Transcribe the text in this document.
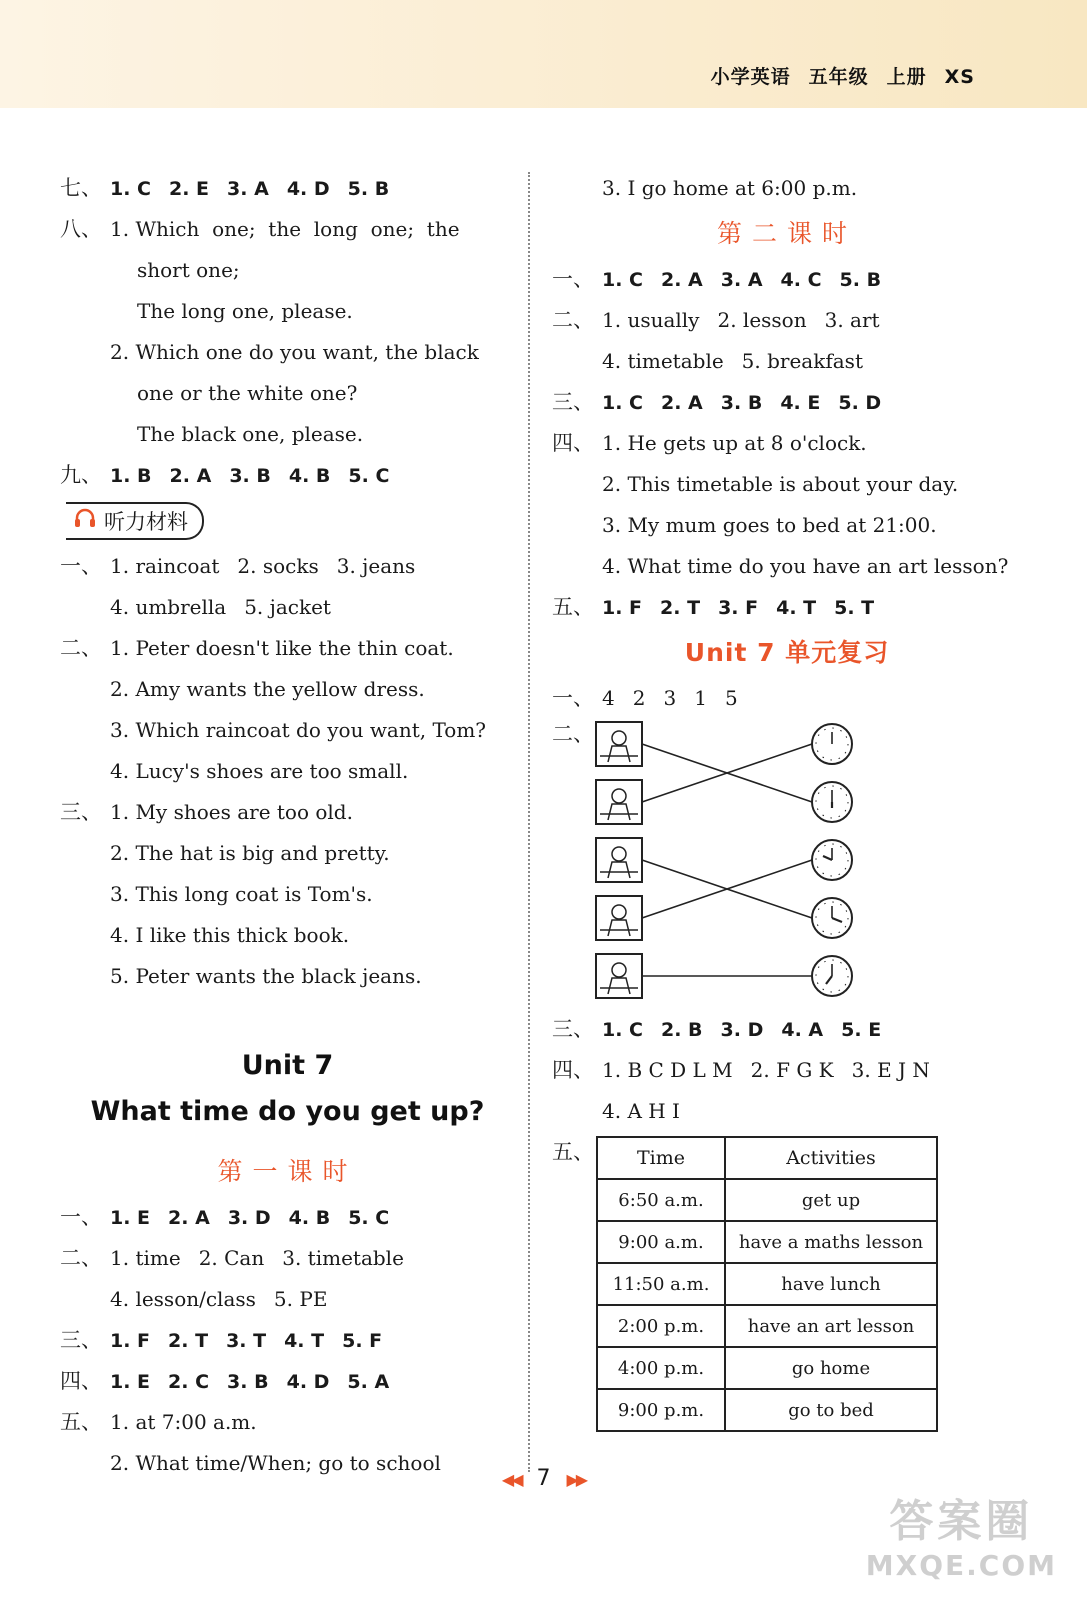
小学英语 五年级 上册 XS
七、 1. C 2. E 3. A 4. D 5. B
八、 1. Which  one;  the  long  one;  the
short one;
The long one, please.
2. Which one do you want, the black
one or the white one?
The black one, please.
九、 1. B 2. A 3. B 4. B 5. C
听力材料
一、 1. raincoat 2. socks 3. jeans
4. umbrella 5. jacket
二、 1. Peter doesn't like the thin coat.
2. Amy wants the yellow dress.
3. Which raincoat do you want, Tom?
4. Lucy's shoes are too small.
三、 1. My shoes are too old.
2. The hat is big and pretty.
3. This long coat is Tom's.
4. I like this thick book.
5. Peter wants the black jeans.
Unit 7
What time do you get up?
第一课时
一、 1. E 2. A 3. D 4. B 5. C
二、 1. time 2. Can 3. timetable
4. lesson/class 5. PE
三、 1. F 2. T 3. T 4. T 5. F
四、 1. E 2. C 3. B 4. D 5. A
五、 1. at 7:00 a.m.
2. What time/When; go to school
3. I go home at 6:00 p.m.
第二课时
一、 1. C 2. A 3. A 4. C 5. B
二、 1. usually 2. lesson 3. art
4. timetable 5. breakfast
三、 1. C 2. A 3. B 4. E 5. D
四、 1. He gets up at 8 o'clock.
2. This timetable is about your day.
3. My mum goes to bed at 21:00.
4. What time do you have an art lesson?
五、 1. F 2. T 3. F 4. T 5. T
Unit 7 单元复习
一、 4 2 3 1 5
二、
三、 1. C 2. B 3. D 4. A 5. E
四、 1. B C D L M 2. F G K 3. E J N
4. A H I
五、 Time	Activities
6:50 a.m.	get up
9:00 a.m.	have a maths lesson
11:50 a.m.	have lunch
2:00 p.m.	have an art lesson
4:00 p.m.	go home
9:00 p.m.	go to bed
◀◀ 7 ▶▶
答案圈
MXQE.COM
